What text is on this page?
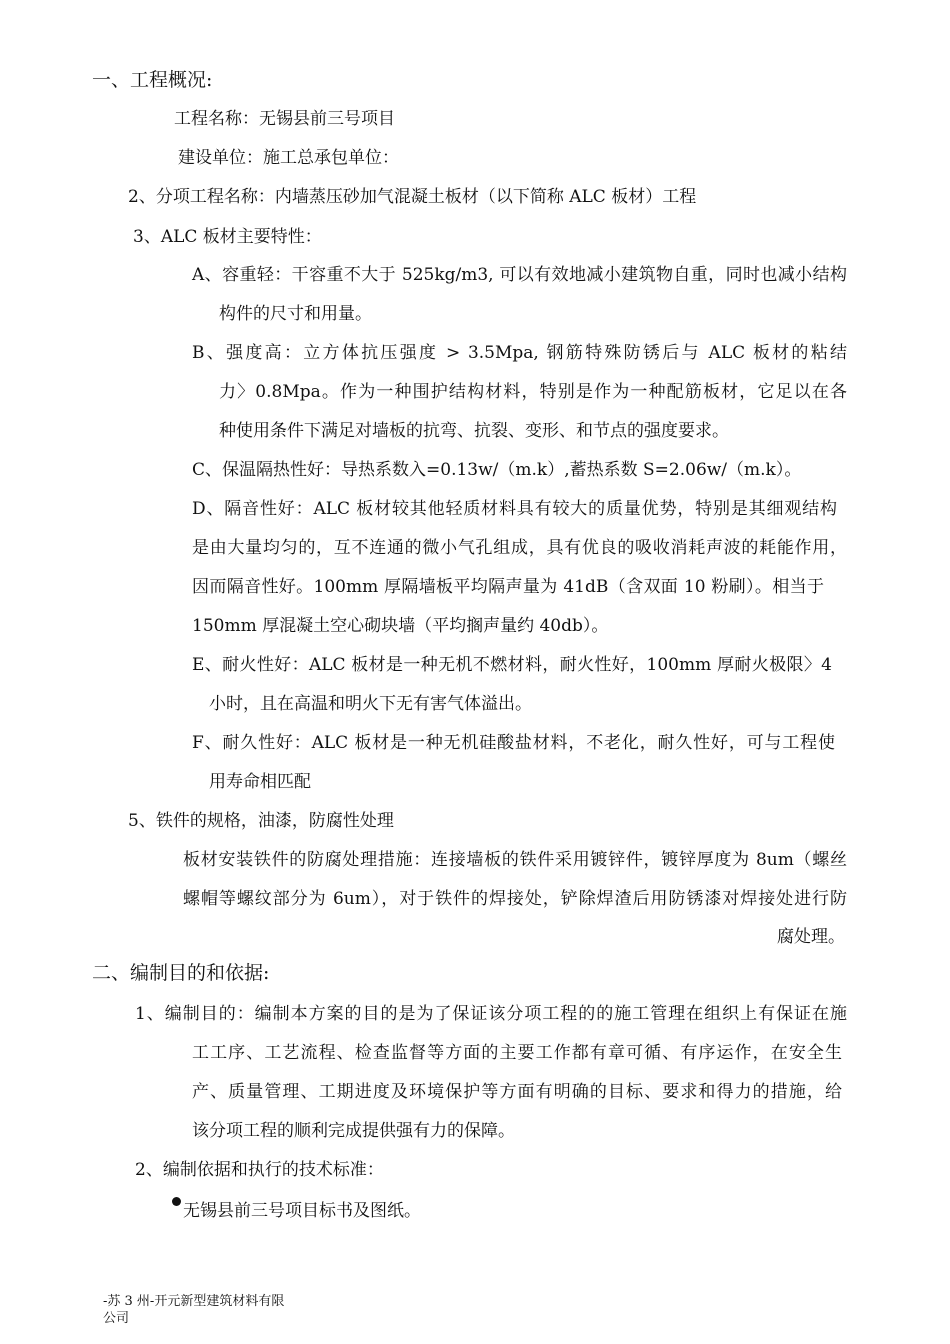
一、工程概况:
工程名称：无锡县前三号项目
建设单位：施工总承包单位：
2、分项工程名称：内墙蒸压砂加气混凝土板材（以下简称 ALC 板材）工程
3、ALC 板材主要特性：
A、容重轻：干容重不大于 525kg/m3, 可以有效地减小建筑物自重，同时也减小结构
构件的尺寸和用量。
B、强度高：立方体抗压强度 > 3.5Mpa, 钢筋特殊防锈后与 ALC 板材的粘结
力〉0.8Mpa。作为一种围护结构材料，特别是作为一种配筋板材，它足以在各
种使用条件下满足对墙板的抗弯、抗裂、变形、和节点的强度要求。
C、保温隔热性好：导热系数入=0.13w/（m.k）,蓄热系数 S=2.06w/（m.k）。
D、隔音性好：ALC 板材较其他轻质材料具有较大的质量优势，特别是其细观结构
是由大量均匀的，互不连通的微小气孔组成，具有优良的吸收消耗声波的耗能作用，
因而隔音性好。100mm 厚隔墙板平均隔声量为 41dB（含双面 10 粉刷）。相当于
150mm 厚混凝土空心砌块墙（平均搁声量约 40db）。
E、耐火性好：ALC 板材是一种无机不燃材料，耐火性好，100mm 厚耐火极限〉4
小时，且在高温和明火下无有害气体溢出。
F、耐久性好：ALC 板材是一种无机硅酸盐材料，不老化，耐久性好，可与工程使
用寿命相匹配
5、铁件的规格，油漆，防腐性处理
板材安装铁件的防腐处理措施：连接墙板的铁件采用镀锌件，镀锌厚度为 8um（螺丝
螺帽等螺纹部分为 6um），对于铁件的焊接处，铲除焊渣后用防锈漆对焊接处进行防
腐处理。
二、编制目的和依据:
1、编制目的：编制本方案的目的是为了保证该分项工程的的施工管理在组织上有保证在施
工工序、工艺流程、检查监督等方面的主要工作都有章可循、有序运作，在安全生
产、质量管理、工期进度及环境保护等方面有明确的目标、要求和得力的措施，给
该分项工程的顺利完成提供强有力的保障。
2、编制依据和执行的技术标准：
无锡县前三号项目标书及图纸。
-苏 3 州-开元新型建筑材料有限
公司
